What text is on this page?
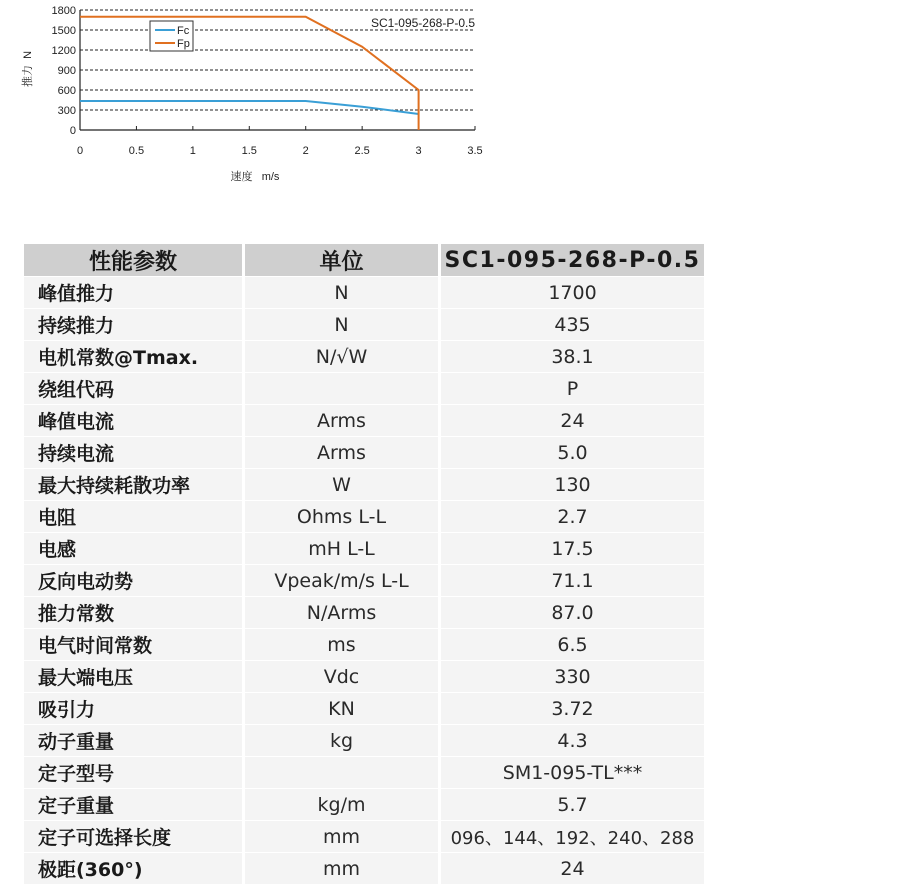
0
300
600
900
1200
1500
1800
0	0.5	1	1.5	2	2.5	3	3.5
SC1-095-268-P-0.5
Fc
Fp
速度   m/s
推力  N
性能参数	单位	SC1-095-268-P-0.5
峰值推力	N	1700
持续推力	N	435
电机常数@Tmax.	N/√W	38.1
绕组代码		P
峰值电流	Arms	24
持续电流	Arms	5.0
最大持续耗散功率	W	130
电阻	Ohms L-L	2.7
电感	mH L-L	17.5
反向电动势	Vpeak/m/s L-L	71.1
推力常数	N/Arms	87.0
电气时间常数	ms	6.5
最大端电压	Vdc	330
吸引力	KN	3.72
动子重量	kg	4.3
定子型号		SM1-095-TL***
定子重量	kg/m	5.7
定子可选择长度	mm	096、144、192、240、288
极距(360°)	mm	24
